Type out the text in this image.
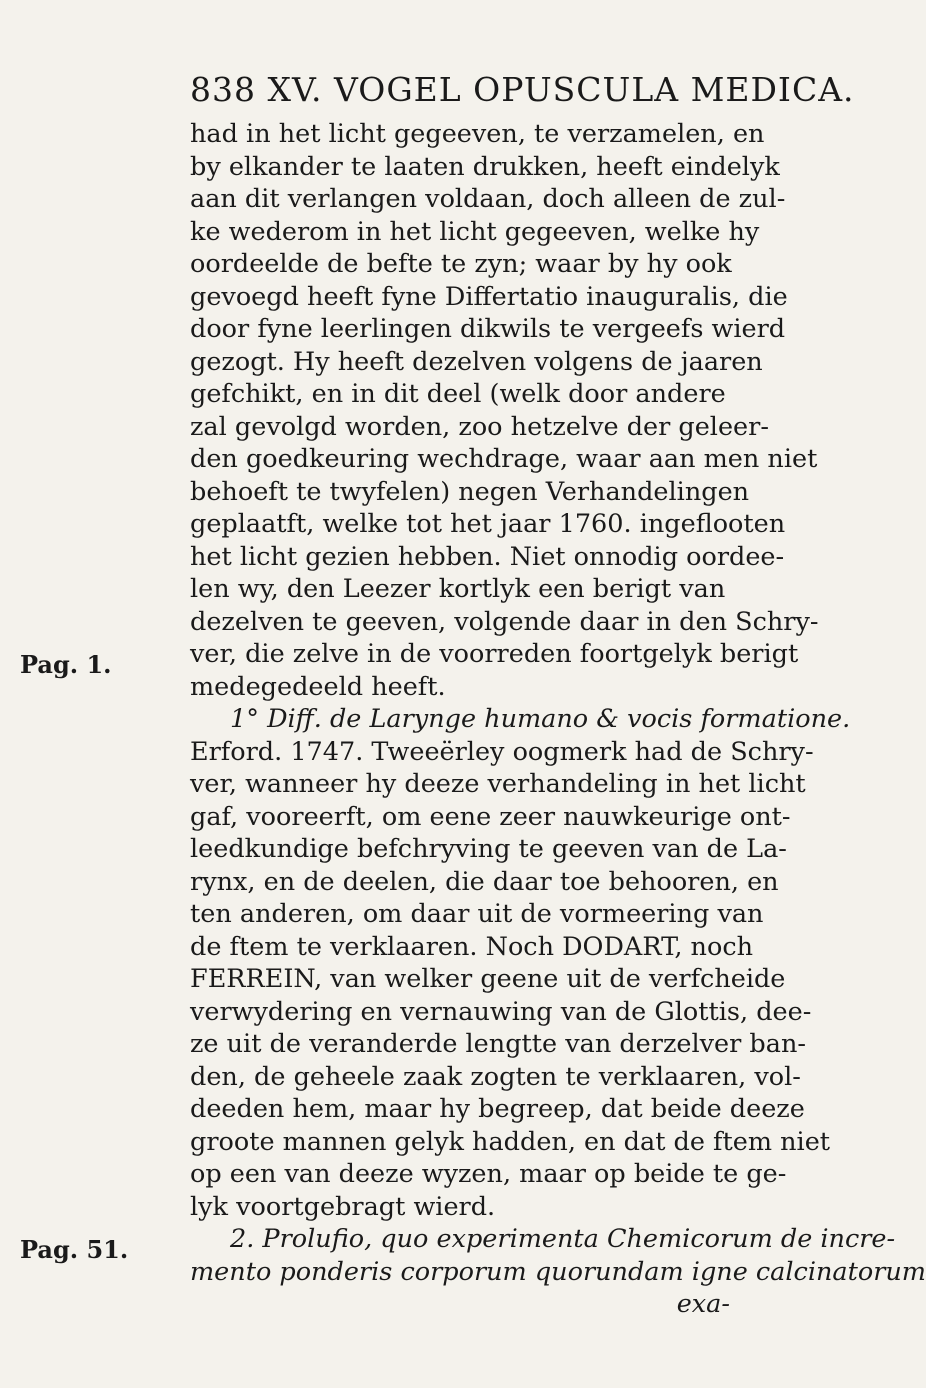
838 XV. VOGEL OPUSCULA MEDICA.
Pag. 1.
Pag. 51.
had in het licht gegeeven, te verzamelen, en
by elkander te laaten drukken, heeft eindelyk
aan dit verlangen voldaan, doch alleen de zul-
ke wederom in het licht gegeeven, welke hy
oordeelde de befte te zyn; waar by hy ook
gevoegd heeft fyne Differtatio inauguralis, die
door fyne leerlingen dikwils te vergeefs wierd
gezogt. Hy heeft dezelven volgens de jaaren
gefchikt, en in dit deel (welk door andere
zal gevolgd worden, zoo hetzelve der geleer-
den goedkeuring wechdrage, waar aan men niet
behoeft te twyfelen) negen Verhandelingen
geplaatft, welke tot het jaar 1760. ingeflooten
het licht gezien hebben. Niet onnodig oordee-
len wy, den Leezer kortlyk een berigt van
dezelven te geeven, volgende daar in den Schry-
ver, die zelve in de voorreden foortgelyk berigt
medegedeeld heeft.
1° Diff. de Larynge humano & vocis formatione.
Erford. 1747. Tweeërley oogmerk had de Schry-
ver, wanneer hy deeze verhandeling in het licht
gaf, vooreerft, om eene zeer nauwkeurige ont-
leedkundige befchryving te geeven van de La-
rynx, en de deelen, die daar toe behooren, en
ten anderen, om daar uit de vormeering van
de ftem te verklaaren. Noch DODART, noch
FERREIN, van welker geene uit de verfcheide
verwydering en vernauwing van de Glottis, dee-
ze uit de veranderde lengtte van derzelver ban-
den, de geheele zaak zogten te verklaaren, vol-
deeden hem, maar hy begreep, dat beide deeze
groote mannen gelyk hadden, en dat de ftem niet
op een van deeze wyzen, maar op beide te ge-
lyk voortgebragt wierd.
2. Prolufio, quo experimenta Chemicorum de incre-
mento ponderis corporum quorundam igne calcinatorum
exa-
